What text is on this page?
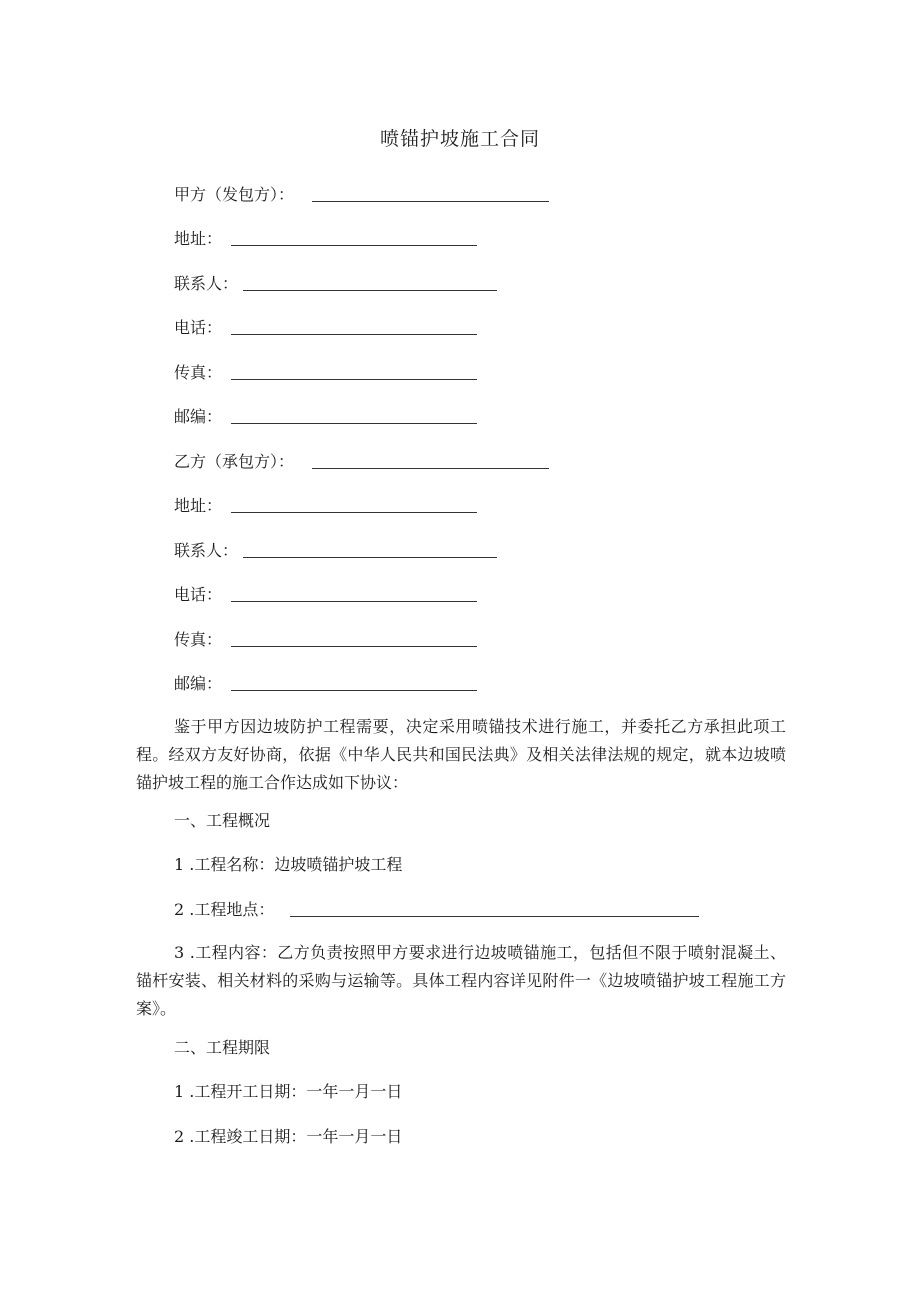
喷锚护坡施工合同
甲方（发包方）：
地址：
联系人：
电话：
传真：
邮编：
乙方（承包方）：
地址：
联系人：
电话：
传真：
邮编：
鉴于甲方因边坡防护工程需要，决定采用喷锚技术进行施工，并委托乙方承担此项工程。经双方友好协商，依据《中华人民共和国民法典》及相关法律法规的规定，就本边坡喷锚护坡工程的施工合作达成如下协议：
一、工程概况
1 .工程名称：边坡喷锚护坡工程
2 .工程地点：
3 .工程内容：乙方负责按照甲方要求进行边坡喷锚施工，包括但不限于喷射混凝土、锚杆安装、相关材料的采购与运输等。具体工程内容详见附件一《边坡喷锚护坡工程施工方案》。
二、工程期限
1 .工程开工日期：一年一月一日
2 .工程竣工日期：一年一月一日
